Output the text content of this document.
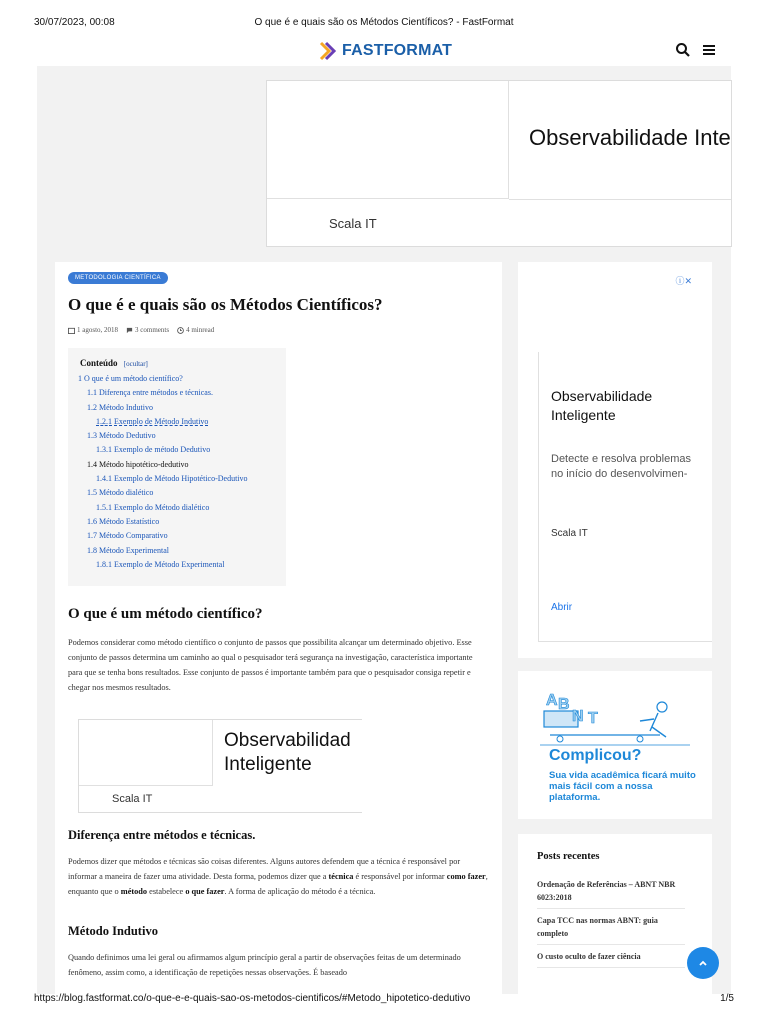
30/07/2023, 00:08	O que é e quais são os Métodos Científicos? - FastFormat
FASTFORMAT
Observabilidade Inte
Scala IT
METODOLOGIA CIENTÍFICA
O que é e quais são os Métodos Científicos?
1 agosto, 2018 3 comments 4 minread
Conteúdo [ocultar]
1 O que é um método científico?
1.1 Diferença entre métodos e técnicas.
1.2 Método Indutivo
1.2.1 Exemplo de Método Indutivo
1.3 Método Dedutivo
1.3.1 Exemplo de método Dedutivo
1.4 Método hipotético-dedutivo
1.4.1 Exemplo de Método Hipotético-Dedutivo
1.5 Método dialético
1.5.1 Exemplo do Método dialético
1.6 Método Estatístico
1.7 Método Comparativo
1.8 Método Experimental
1.8.1 Exemplo de Método Experimental
O que é um método científico?

Podemos considerar como método científico o conjunto de passos que possibilita alcançar um determinado objetivo. Esse conjunto de passos determina um caminho ao qual o pesquisador terá segurança na investigação, característica importante para que se tenha bons resultados. Esse conjunto de passos é importante também para que o pesquisador consiga repetir e chegar nos mesmos resultados.

Observabilidad
Inteligente
Scala IT
Diferença entre métodos e técnicas.

Podemos dizer que métodos e técnicas são coisas diferentes. Alguns autores defendem que a técnica é responsável por informar a maneira de fazer uma atividade. Desta forma, podemos dizer que a técnica é responsável por informar como fazer, enquanto que o método estabelece o que fazer. A forma de aplicação do método é a técnica.

Método Indutivo

Quando definimos uma lei geral ou afirmamos algum princípio geral a partir de observações feitas de um determinado fenômeno, assim como, a identificação de repetições nessas observações. É baseado

ⓘ✕
Observabilidade Inteligente
Detecte e resolva problemas no início do desenvolvimen-
Scala IT
Abrir
A B
N T
Complicou?
Sua vida acadêmica ficará muito mais fácil com a nossa plataforma.
Posts recentes
Ordenação de Referências – ABNT NBR 6023:2018
Capa TCC nas normas ABNT: guia completo
O custo oculto de fazer ciência
https://blog.fastformat.co/o-que-e-e-quais-sao-os-metodos-cientificos/#Metodo_hipotetico-dedutivo	1/5
